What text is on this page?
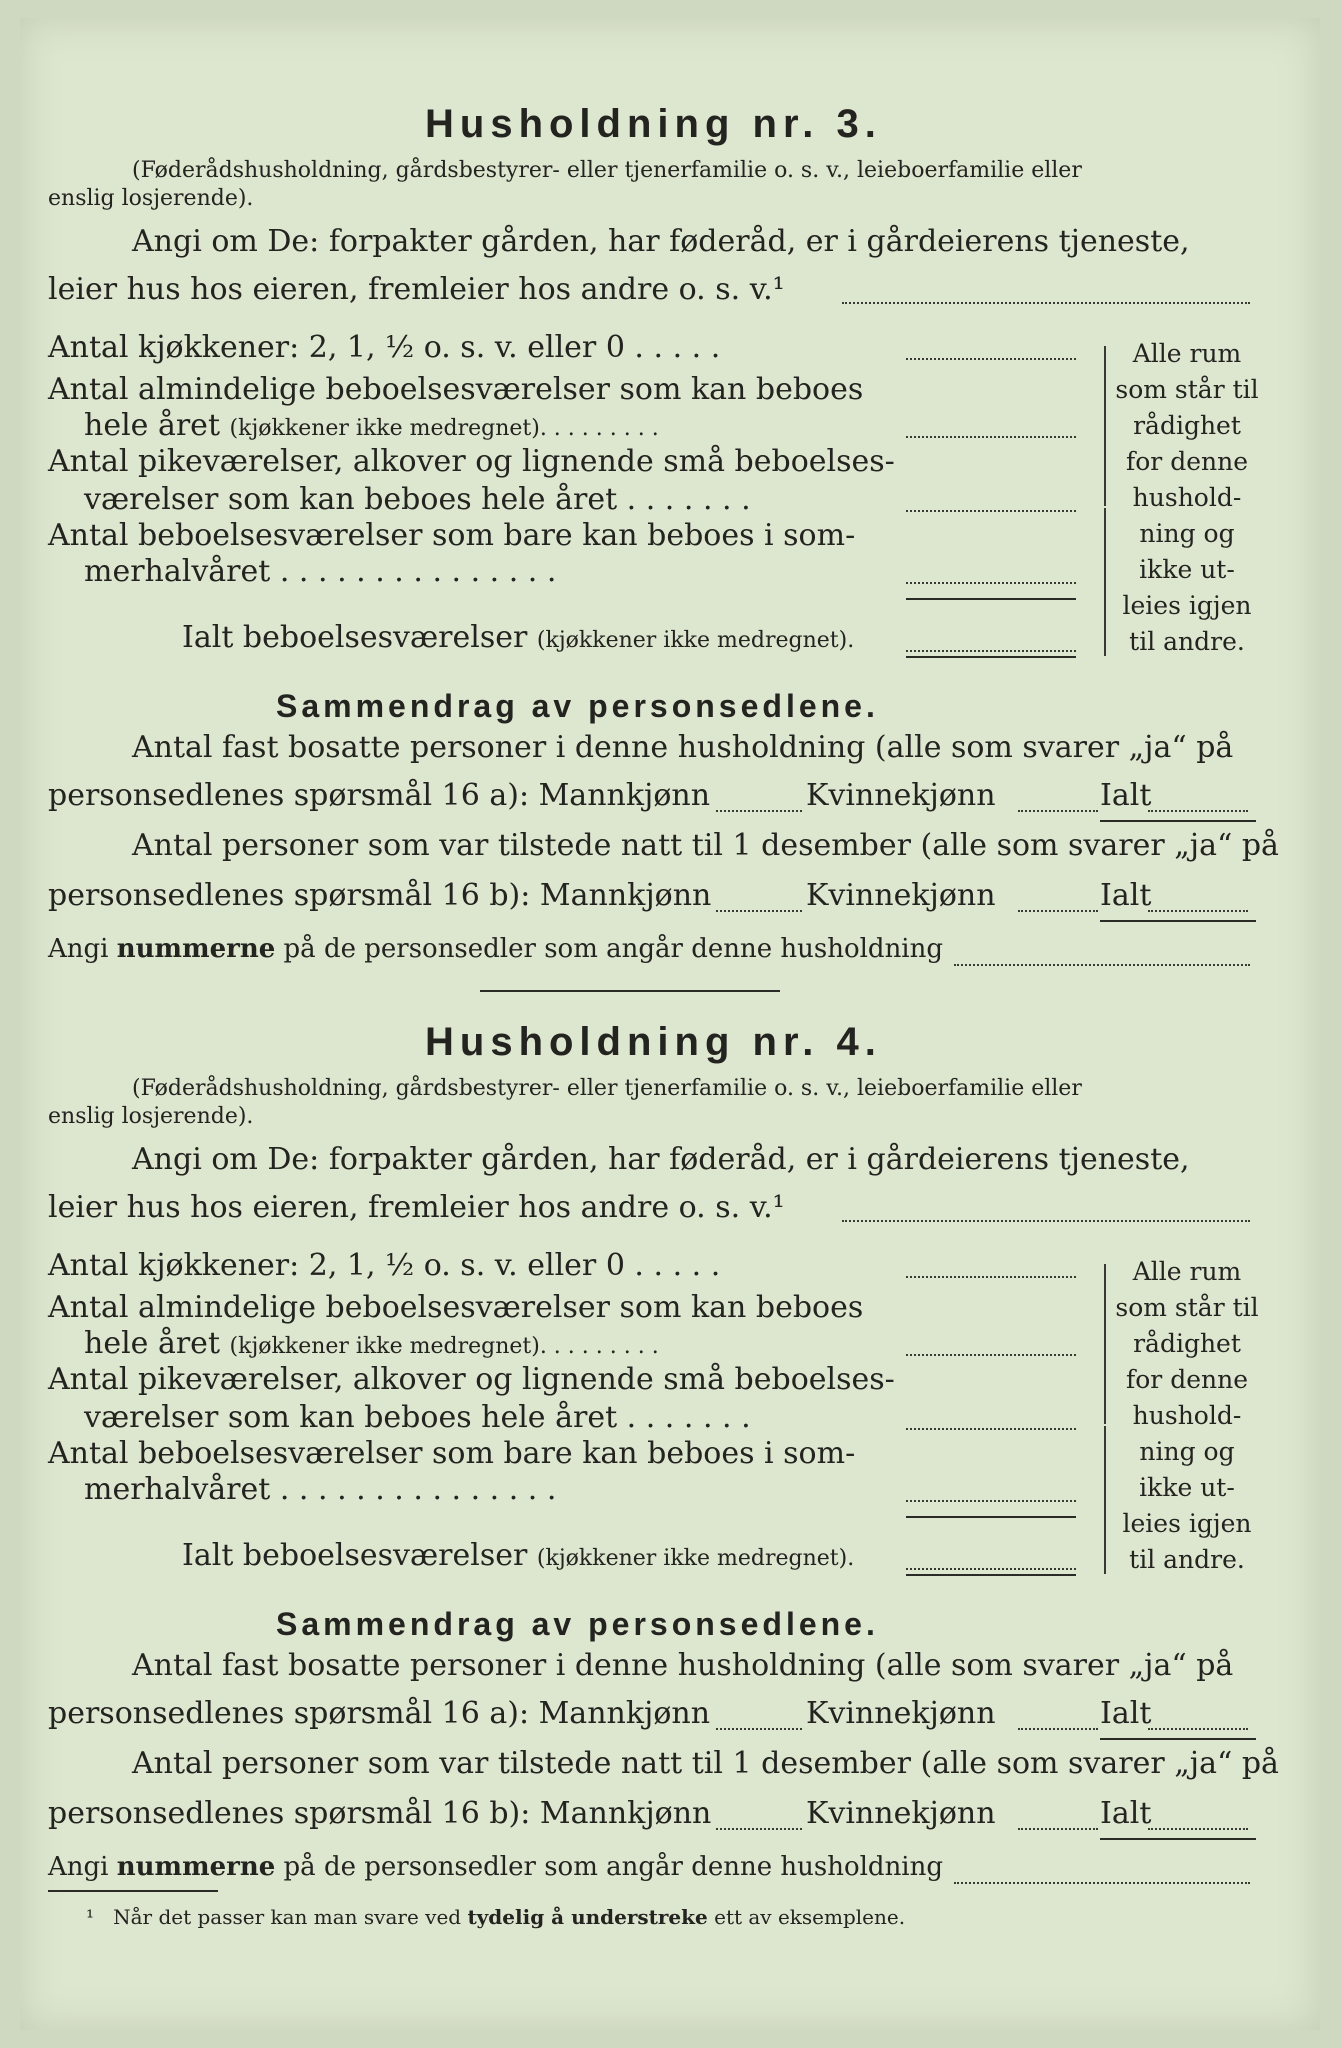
Husholdning nr. 3.
(Føderådshusholdning, gårdsbestyrer- eller tjenerfamilie o. s. v., leieboerfamilie eller
enslig losjerende).
Angi om De: forpakter gården, har føderåd, er i gårdeierens tjeneste,
leier hus hos eieren, fremleier hos andre o. s. v.¹
Antal kjøkkener: 2, 1, ½ o. s. v. eller 0 . . . . .
Antal almindelige beboelsesværelser som kan beboes
hele året (kjøkkener ikke medregnet). . . . . . . . .
Antal pikeværelser, alkover og lignende små beboelses-
værelser som kan beboes hele året . . . . . . .
Antal beboelsesværelser som bare kan beboes i som-
merhalvåret . . . . . . . . . . . . . . .
Ialt beboelsesværelser (kjøkkener ikke medregnet).
Alle rum
som står til
rådighet
for denne
hushold-
ning og
ikke ut-
leies igjen
til andre.
Sammendrag av personsedlene.
Antal fast bosatte personer i denne husholdning (alle som svarer „ja“ på
personsedlenes spørsmål 16 a): Mannkjønn	Kvinnekjønn	Ialt
Antal personer som var tilstede natt til 1 desember (alle som svarer „ja“ på
personsedlenes spørsmål 16 b): Mannkjønn	Kvinnekjønn	Ialt
Angi nummerne på de personsedler som angår denne husholdning
Husholdning nr. 4.
(Føderådshusholdning, gårdsbestyrer- eller tjenerfamilie o. s. v., leieboerfamilie eller
enslig losjerende).
Angi om De: forpakter gården, har føderåd, er i gårdeierens tjeneste,
leier hus hos eieren, fremleier hos andre o. s. v.¹
Antal kjøkkener: 2, 1, ½ o. s. v. eller 0 . . . . .
Antal almindelige beboelsesværelser som kan beboes
hele året (kjøkkener ikke medregnet). . . . . . . . .
Antal pikeværelser, alkover og lignende små beboelses-
værelser som kan beboes hele året . . . . . . .
Antal beboelsesværelser som bare kan beboes i som-
merhalvåret . . . . . . . . . . . . . . .
Ialt beboelsesværelser (kjøkkener ikke medregnet).
Alle rum
som står til
rådighet
for denne
hushold-
ning og
ikke ut-
leies igjen
til andre.
Sammendrag av personsedlene.
Antal fast bosatte personer i denne husholdning (alle som svarer „ja“ på
personsedlenes spørsmål 16 a): Mannkjønn	Kvinnekjønn	Ialt
Antal personer som var tilstede natt til 1 desember (alle som svarer „ja“ på
personsedlenes spørsmål 16 b): Mannkjønn	Kvinnekjønn	Ialt
Angi nummerne på de personsedler som angår denne husholdning
¹ Når det passer kan man svare ved tydelig å understreke ett av eksemplene.
